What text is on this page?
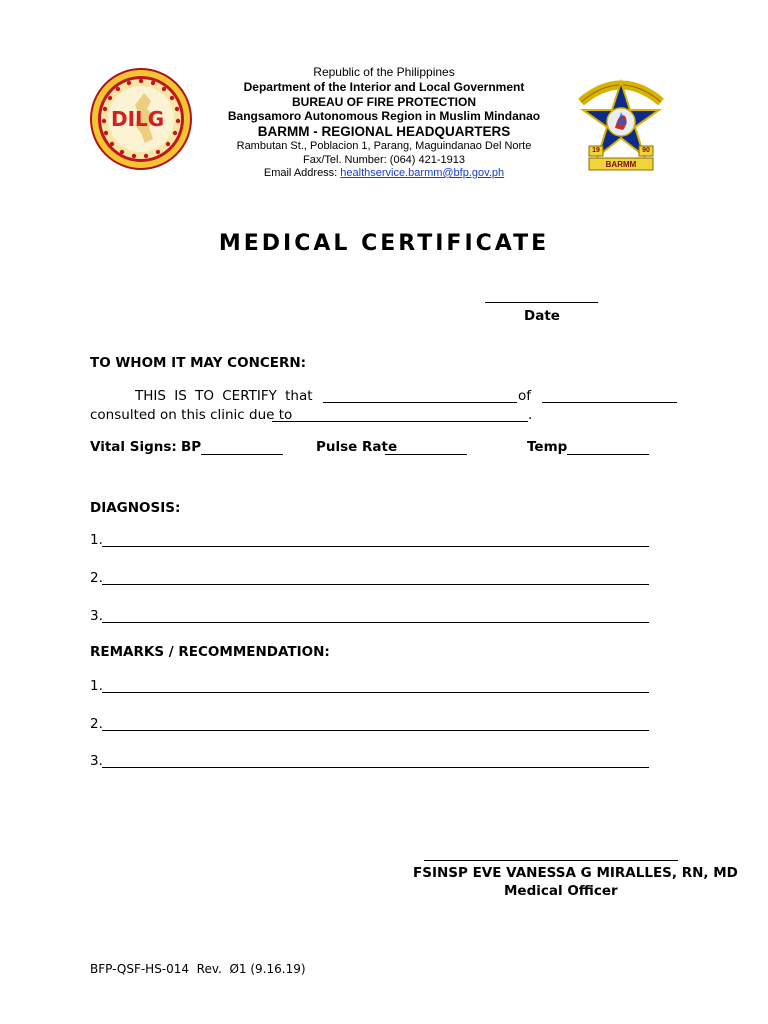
DILG
19	90
BARMM
Republic of the Philippines
Department of the Interior and Local Government
BUREAU OF FIRE PROTECTION
Bangsamoro Autonomous Region in Muslim Mindanao
BARMM - REGIONAL HEADQUARTERS
Rambutan St., Poblacion 1, Parang, Maguindanao Del Norte
Fax/Tel. Number: (064) 421-1913
Email Address: healthservice.barmm@bfp.gov.ph
MEDICAL CERTIFICATE
Date
TO WHOM IT MAY CONCERN:
THIS IS TO CERTIFY that	of
consulted on this clinic due to	.
Vital Signs: BP	Pulse Rate	Temp
DIAGNOSIS:
1.
2.
3.
REMARKS / RECOMMENDATION:
1.
2.
3.
FSINSP EVE VANESSA G MIRALLES, RN, MD
Medical Officer
BFP-QSF-HS-014  Rev.  Ø1 (9.16.19)
